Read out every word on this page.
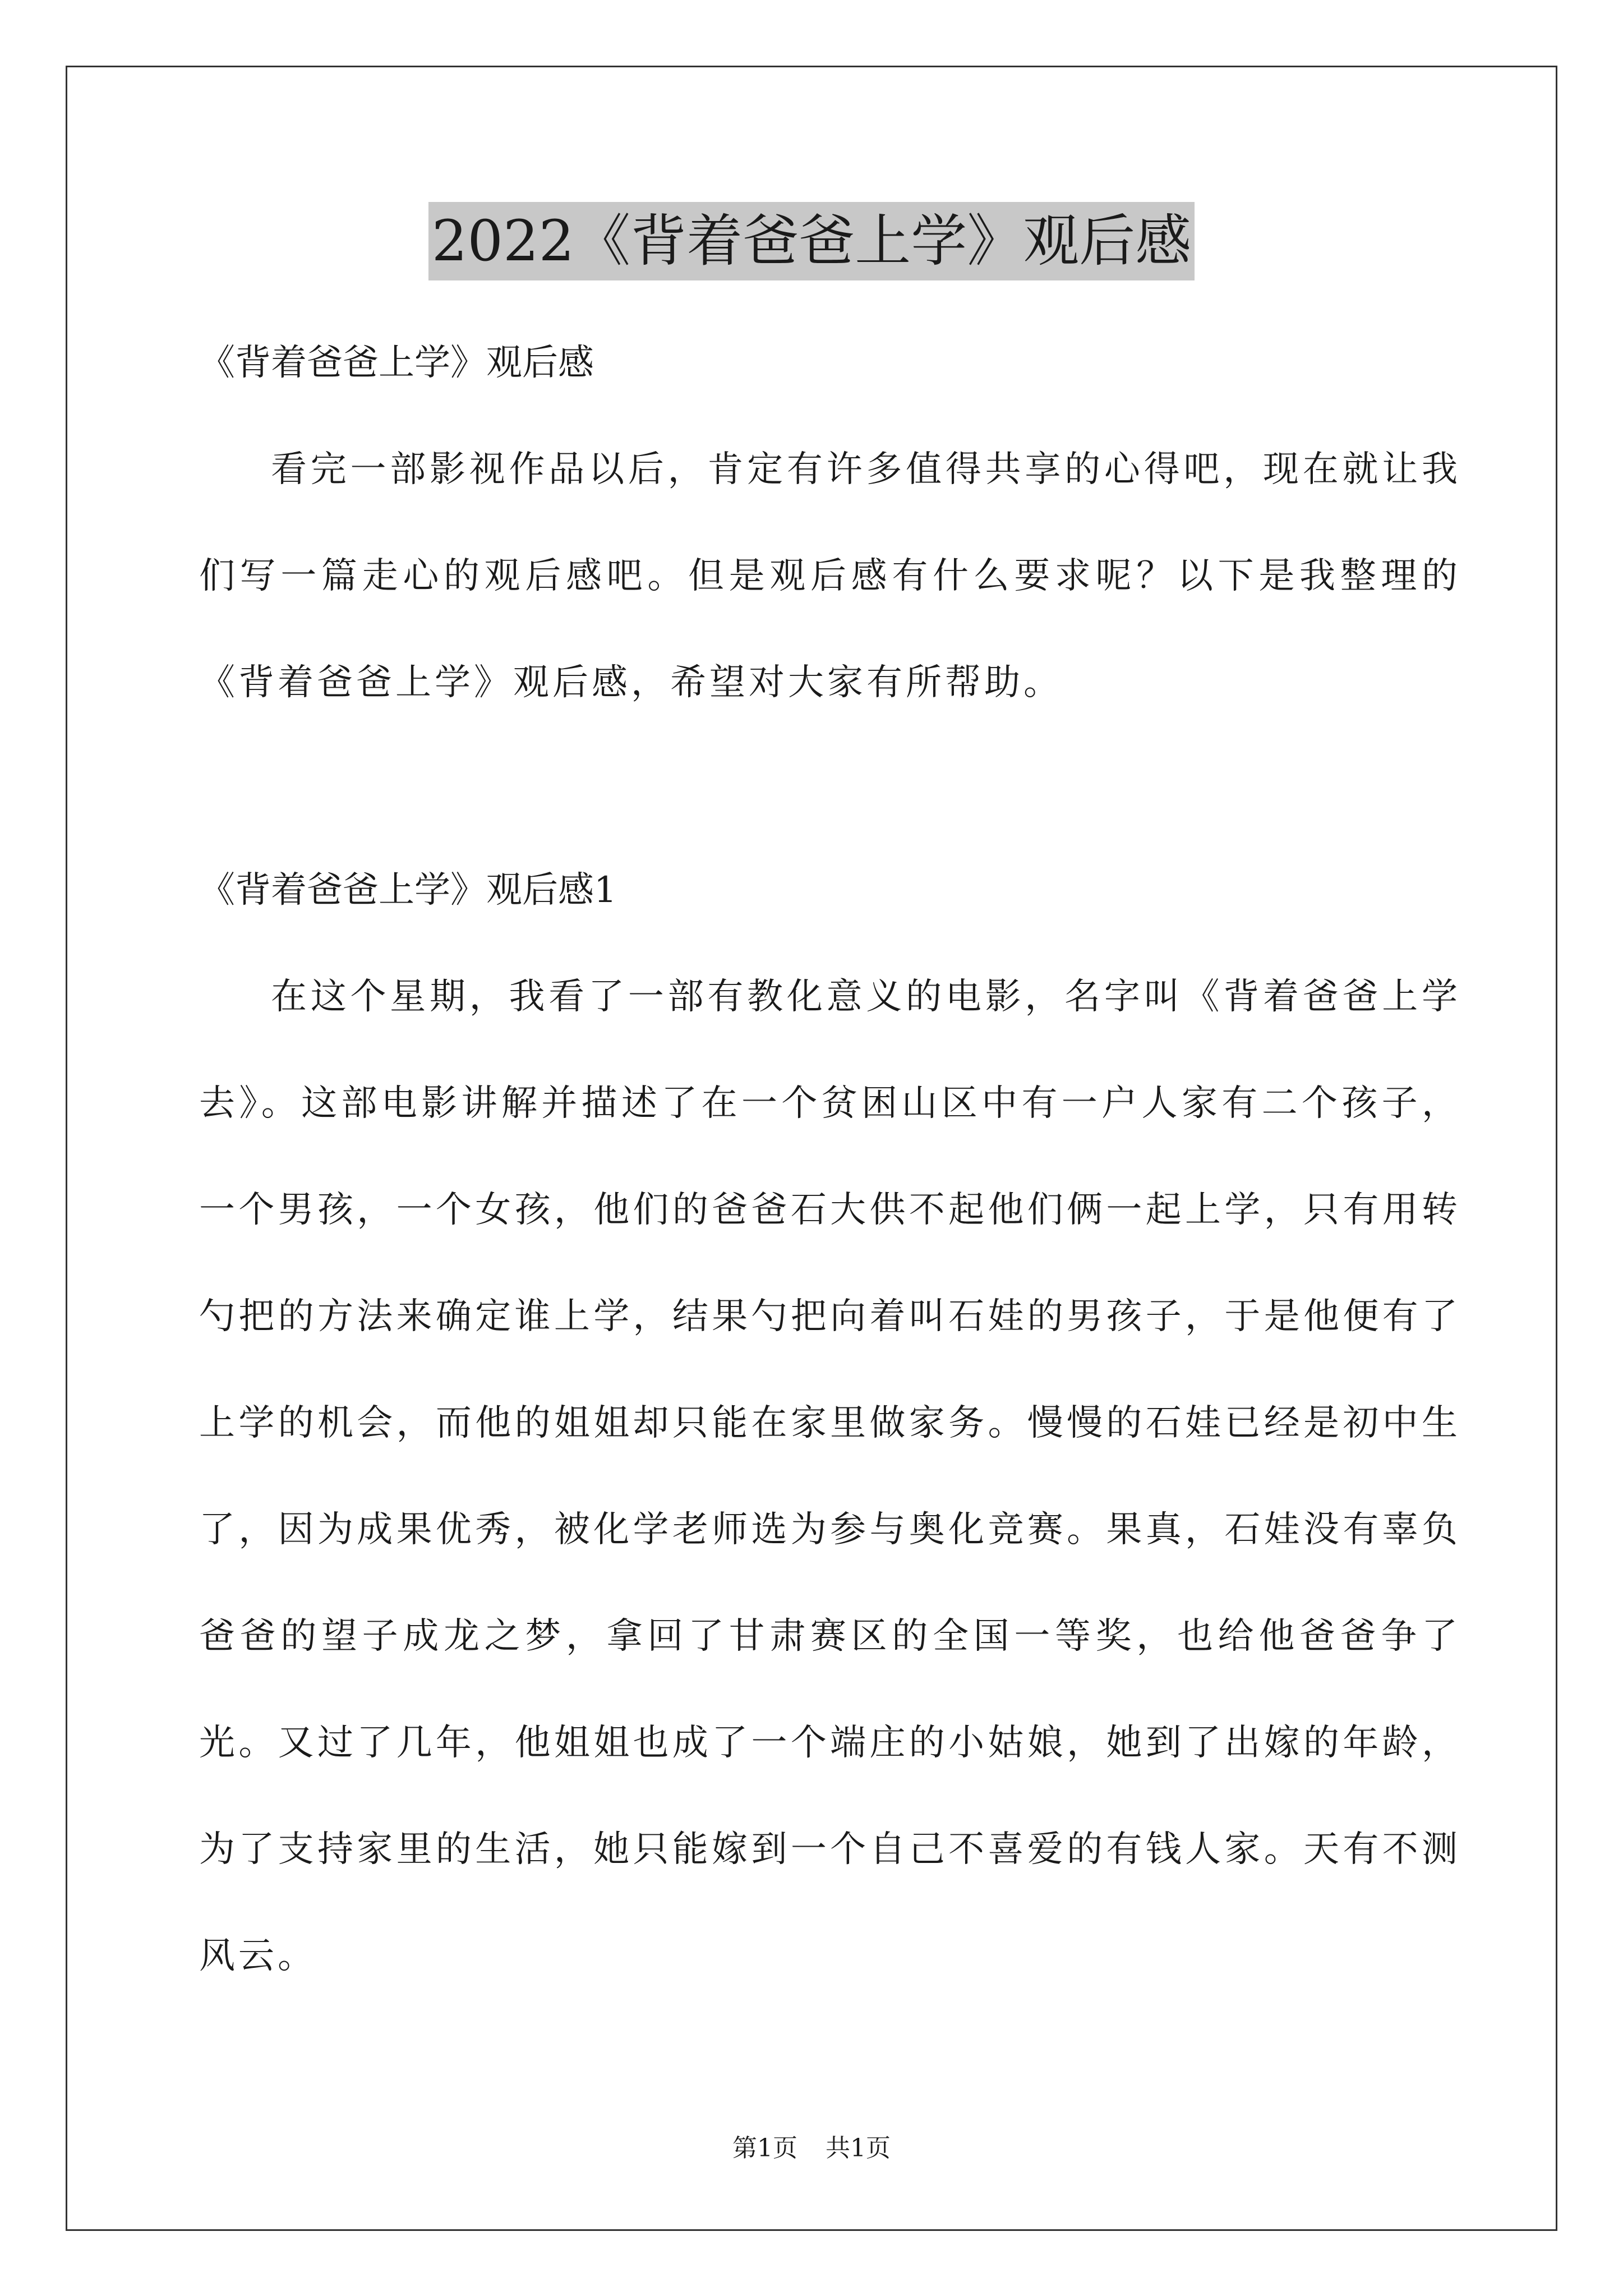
2022《背着爸爸上学》观后感

《背着爸爸上学》观后感

看完一部影视作品以后，肯定有许多值得共享的心得吧，现在就让我们写一篇走心的观后感吧。但是观后感有什么要求呢？以下是我整理的《背着爸爸上学》观后感，希望对大家有所帮助。

《背着爸爸上学》观后感1

在这个星期，我看了一部有教化意义的电影，名字叫《背着爸爸上学去》。这部电影讲解并描述了在一个贫困山区中有一户人家有二个孩子，一个男孩，一个女孩，他们的爸爸石大供不起他们俩一起上学，只有用转勺把的方法来确定谁上学，结果勺把向着叫石娃的男孩子，于是他便有了上学的机会，而他的姐姐却只能在家里做家务。慢慢的石娃已经是初中生了，因为成果优秀，被化学老师选为参与奥化竞赛。果真，石娃没有辜负爸爸的望子成龙之梦，拿回了甘肃赛区的全国一等奖，也给他爸爸争了光。又过了几年，他姐姐也成了一个端庄的小姑娘，她到了出嫁的年龄，为了支持家里的生活，她只能嫁到一个自己不喜爱的有钱人家。天有不测风云。

第1页 共1页
